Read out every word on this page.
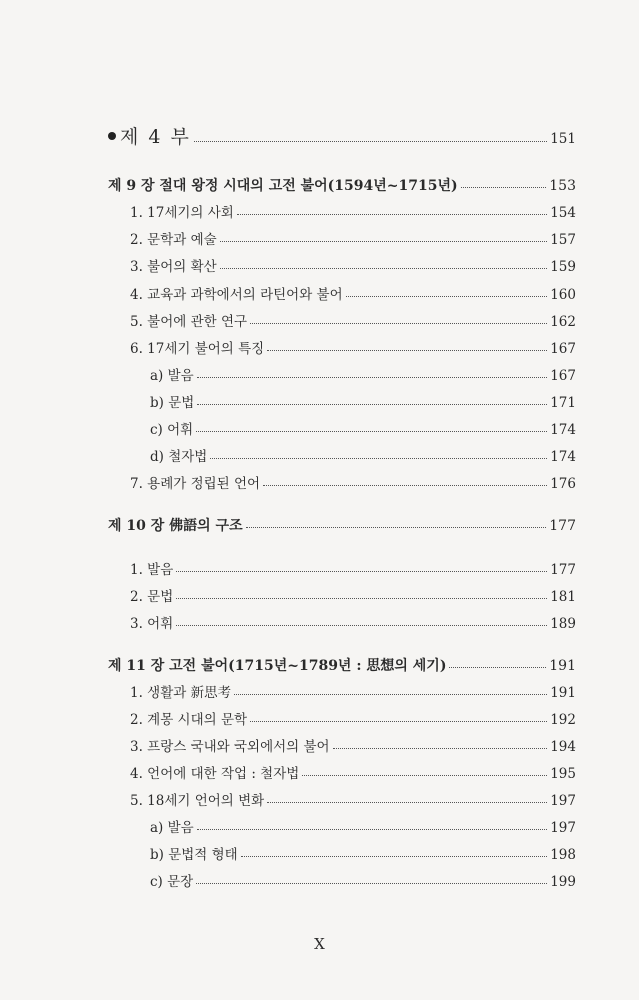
제 4 부	151
제 9 장 절대 왕정 시대의 고전 불어(1594년~1715년)	153
1. 17세기의 사회	154
2. 문학과 예술	157
3. 불어의 확산	159
4. 교육과 과학에서의 라틴어와 불어	160
5. 불어에 관한 연구	162
6. 17세기 불어의 특징	167
a) 발음	167
b) 문법	171
c) 어휘	174
d) 철자법	174
7. 용례가 정립된 언어	176
제 10 장 佛語의 구조	177
1. 발음	177
2. 문법	181
3. 어휘	189
제 11 장 고전 불어(1715년~1789년 : 思想의 세기)	191
1. 생활과 新思考	191
2. 계몽 시대의 문학	192
3. 프랑스 국내와 국외에서의 불어	194
4. 언어에 대한 작업 : 철자법	195
5. 18세기 언어의 변화	197
a) 발음	197
b) 문법적 형태	198
c) 문장	199
X
